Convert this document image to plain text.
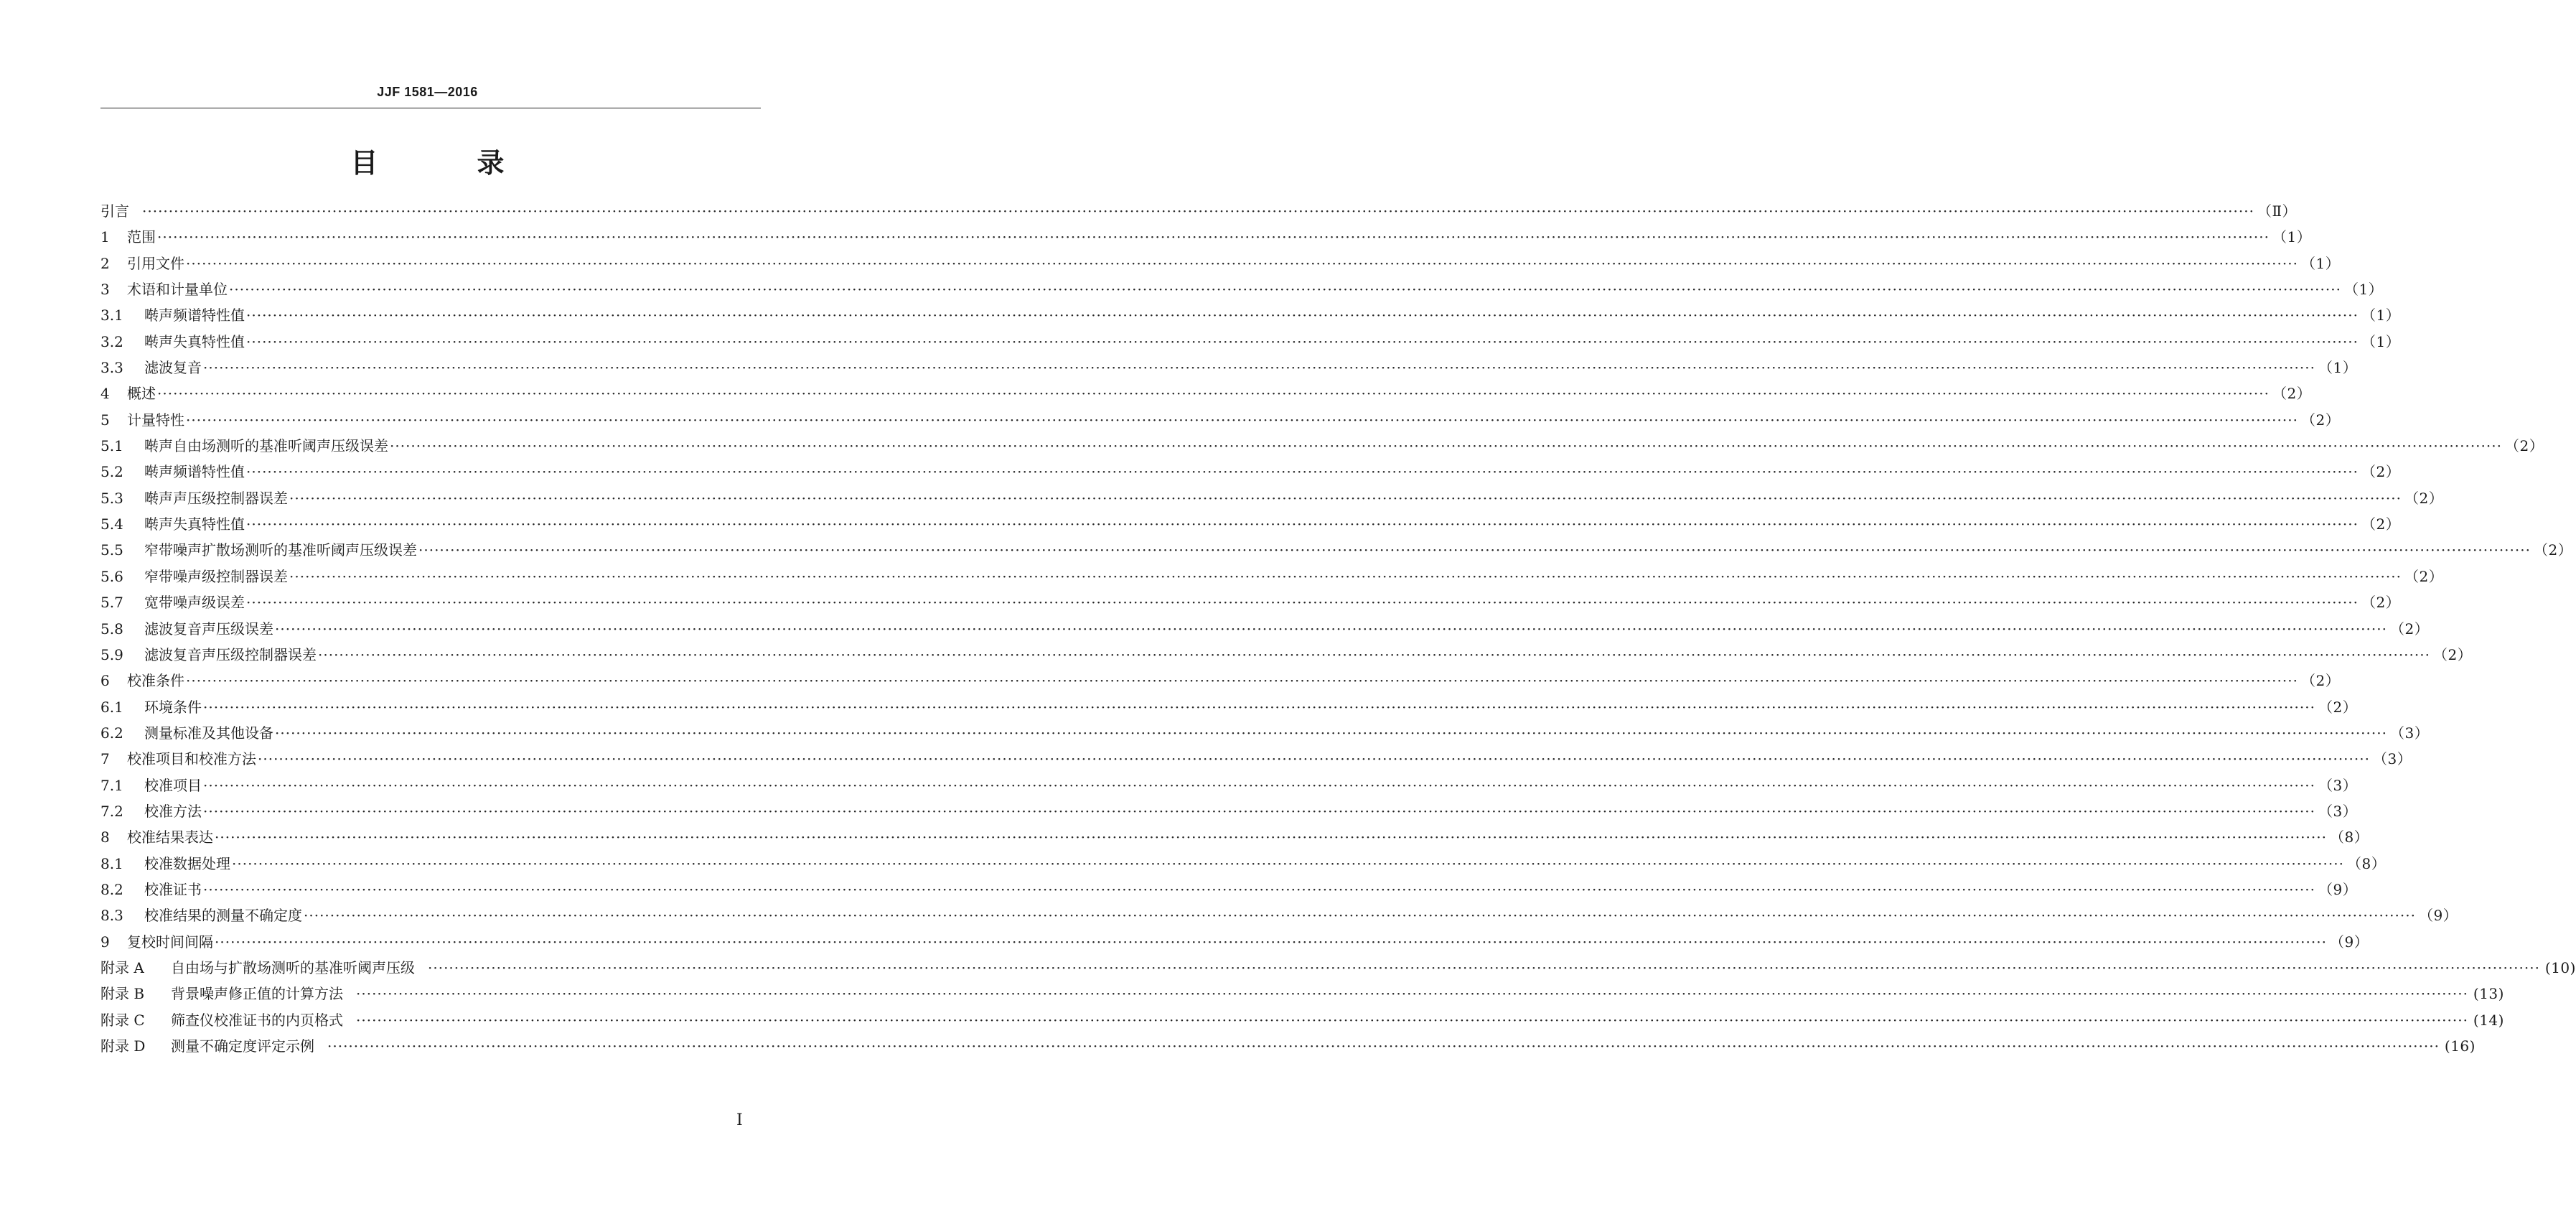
JJF 1581—2016
目　录
引言 ················································································································································································································································································································································································································ （Ⅱ）
1	范围 ················································································································································································································································································································································································································ （1）
2	引用文件 ················································································································································································································································································································································································································ （1）
3	术语和计量单位 ················································································································································································································································································································································································································ （1）
3.1	啭声频谱特性值 ················································································································································································································································································································································································································ （1）
3.2	啭声失真特性值 ················································································································································································································································································································································································································ （1）
3.3	滤波复音 ················································································································································································································································································································································································································ （1）
4	概述 ················································································································································································································································································································································································································ （2）
5	计量特性 ················································································································································································································································································································································································································ （2）
5.1	啭声自由场测听的基准听阈声压级误差 ················································································································································································································································································································································································································ （2）
5.2	啭声频谱特性值 ················································································································································································································································································································································································································ （2）
5.3	啭声声压级控制器误差 ················································································································································································································································································································································································································ （2）
5.4	啭声失真特性值 ················································································································································································································································································································································································································ （2）
5.5	窄带噪声扩散场测听的基准听阈声压级误差 ················································································································································································································································································································································································································ （2）
5.6	窄带噪声级控制器误差 ················································································································································································································································································································································································································ （2）
5.7	宽带噪声级误差 ················································································································································································································································································································································································································ （2）
5.8	滤波复音声压级误差 ················································································································································································································································································································································································································ （2）
5.9	滤波复音声压级控制器误差 ················································································································································································································································································································································································································ （2）
6	校准条件 ················································································································································································································································································································································································································ （2）
6.1	环境条件 ················································································································································································································································································································································································································ （2）
6.2	测量标准及其他设备 ················································································································································································································································································································································································································ （3）
7	校准项目和校准方法 ················································································································································································································································································································································································································ （3）
7.1	校准项目 ················································································································································································································································································································································································································ （3）
7.2	校准方法 ················································································································································································································································································································································································································ （3）
8	校准结果表达 ················································································································································································································································································································································································································ （8）
8.1	校准数据处理 ················································································································································································································································································································································································································ （8）
8.2	校准证书 ················································································································································································································································································································································································································ （9）
8.3	校准结果的测量不确定度 ················································································································································································································································································································································································································ （9）
9	复校时间间隔 ················································································································································································································································································································································································································ （9）
附录 A	自由场与扩散场测听的基准听阈声压级 ················································································································································································································································································································································································································ (10)
附录 B	背景噪声修正值的计算方法 ················································································································································································································································································································································································································ (13)
附录 C	筛查仪校准证书的内页格式 ················································································································································································································································································································································································································ (14)
附录 D	测量不确定度评定示例 ················································································································································································································································································································································································································ (16)
I
